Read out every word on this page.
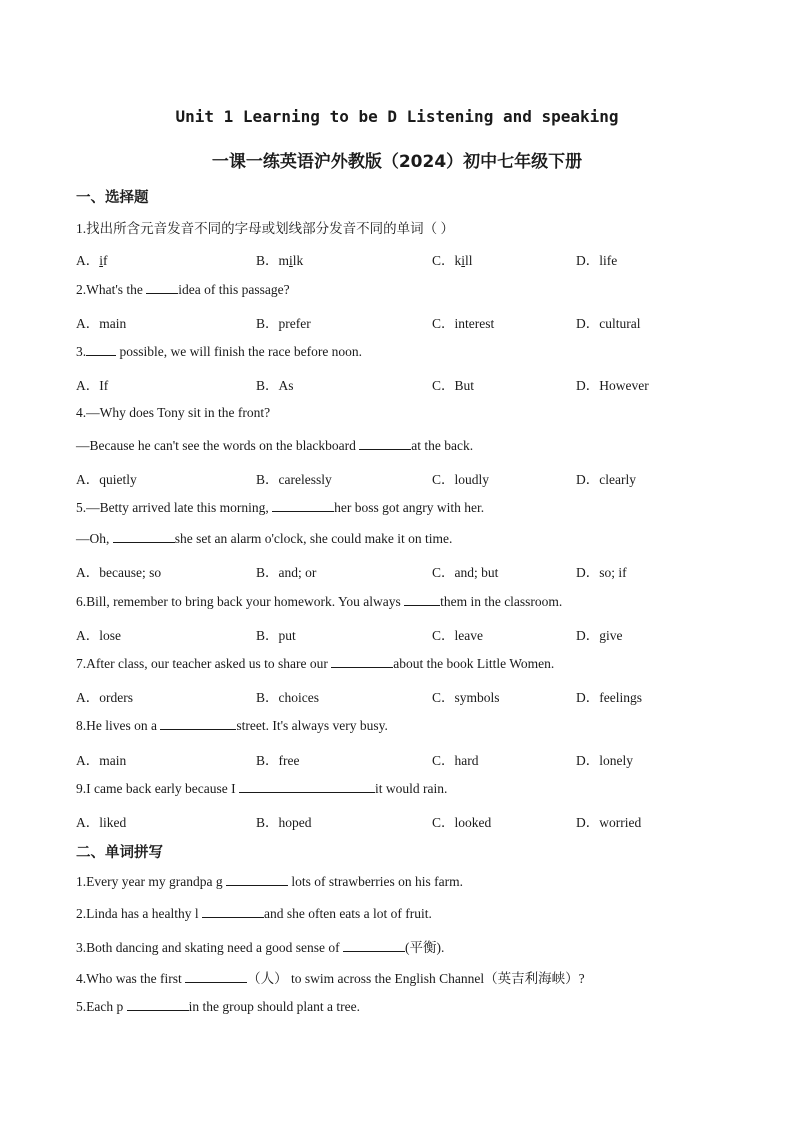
Unit 1 Learning to be D Listening and speaking
一课一练英语沪外教版（2024）初中七年级下册
一、选择题
1.找出所含元音发音不同的字母或划线部分发音不同的单词（ ）
A．if	B．milk	C．kill	D．life
2.What's the idea of this passage?
A．main	B．prefer	C．interest	D．cultural
3. possible, we will finish the race before noon.
A．If	B．As	C．But	D．However
4.—Why does Tony sit in the front?
—Because he can't see the words on the blackboard	at the back.
A．quietly	B．carelessly	C．loudly	D．clearly
5.—Betty arrived late this morning,	her boss got angry with her.
—Oh,	she set an alarm o'clock, she could make it on time.
A．because; so	B．and; or	C．and; but	D．so; if
6.Bill, remember to bring back your homework. You always	them in the classroom.
A．lose	B．put	C．leave	D．give
7.After class, our teacher asked us to share our	about the book Little Women.
A．orders	B．choices	C．symbols	D．feelings
8.He lives on a	street. It's always very busy.
A．main	B．free	C．hard	D．lonely
9.I came back early because I	it would rain.
A．liked	B．hoped	C．looked	D．worried
二、单词拼写
1.Every year my grandpa g	lots of strawberries on his farm.
2.Linda has a healthy l	and she often eats a lot of fruit.
3.Both dancing and skating need a good sense of	(平衡).
4.Who was the first	（人） to swim across the English Channel（英吉利海峡）?
5.Each p	in the group should plant a tree.
